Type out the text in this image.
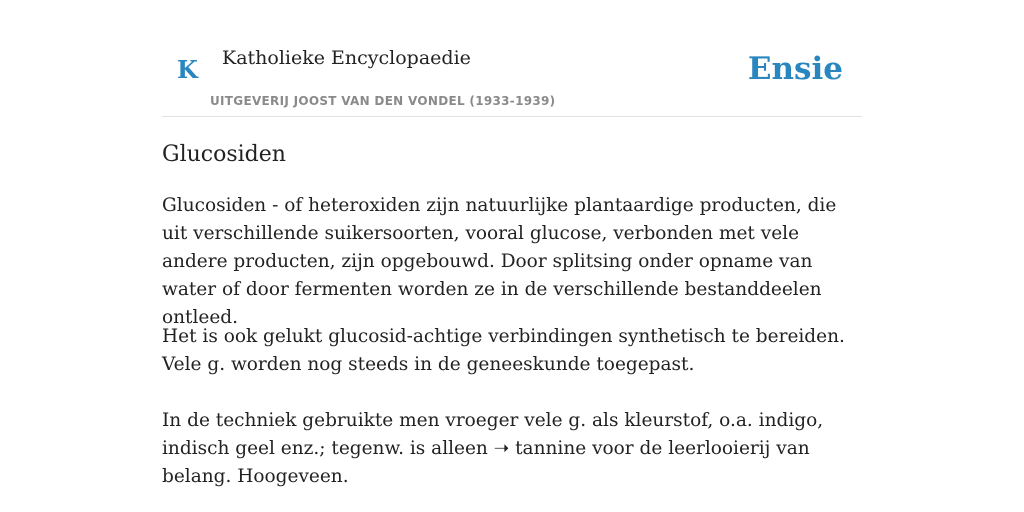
K Katholieke Encyclopaedie
UITGEVERIJ JOOST VAN DEN VONDEL (1933-1939)
Ensie
Glucosiden

Glucosiden - of heteroxiden zijn natuurlijke plantaardige producten, die uit verschillende suikersoorten, vooral glucose, verbonden met vele andere producten, zijn opgebouwd. Door splitsing onder opname van water of door fermenten worden ze in de verschillende bestanddeelen ontleed.

Het is ook gelukt glucosid-achtige verbindingen synthetisch te bereiden. Vele g. worden nog steeds in de geneeskunde toegepast.

In de techniek gebruikte men vroeger vele g. als kleurstof, o.a. indigo, indisch geel enz.; tegenw. is alleen ➝ tannine voor de leerlooierij van belang. Hoogeveen.
